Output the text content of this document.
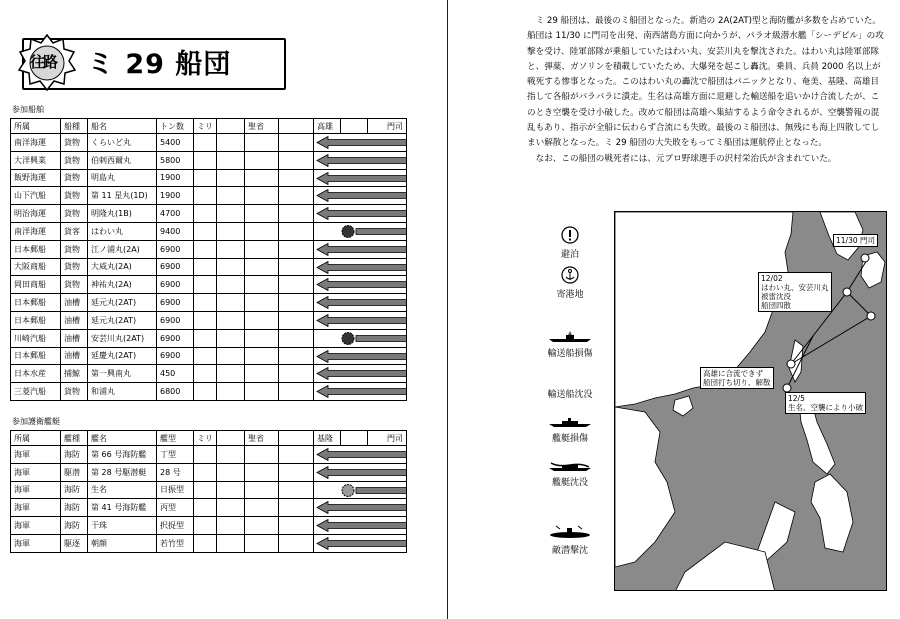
往路 ミ 29 船団
参加船舶
所属	船種	船名	トン数	ミリ		聖省		高雄		門司
南洋海運	貨物	くらいど丸	5400					

大洋興業	貨物	伯剌西爾丸	5800					

飯野海運	貨物	明島丸	1900					

山下汽船	貨物	第 11 星丸(1D)	1900					

明治海運	貨物	明隆丸(1B)	4700					

南洋海運	貨客	はわい丸	9400					

日本郵船	貨物	江ノ浦丸(2A)	6900					

大阪商船	貨物	大威丸(2A)	6900					

岡田商船	貨物	神祐丸(2A)	6900					

日本郵船	油槽	延元丸(2AT)	6900					

日本郵船	油槽	延元丸(2AT)	6900					

川崎汽船	油槽	安芸川丸(2AT)	6900					

日本郵船	油槽	延慶丸(2AT)	6900					

日本水産	捕鯨	第一興南丸	450					

三菱汽船	貨物	和浦丸	6800					
参加護衛艦艇
所属	艦種	艦名	艦型	ミリ		聖省		基隆		門司
海軍	海防	第 66 号海防艦	丁型					

海軍	駆潜	第 28 号駆潜艇	28 号					

海軍	海防	生名	日振型					

海軍	海防	第 41 号海防艦	丙型					

海軍	海防	干珠	択捉型					

海軍	駆逐	朝顔	若竹型					

ミ 29 船団は、最後のミ船団となった。新造の 2A(2AT)型と海防艦が多数を占めていた。船団は 11/30 に門司を出発、南西諸島方面に向かうが、パラオ級潜水艦「シーデビル」の攻撃を受け、陸軍部隊が乗船していたはわい丸、安芸川丸を撃沈された。はわい丸は陸軍部隊と、弾薬、ガソリンを積載していたため、大爆発を起こし轟沈。乗員、兵員 2000 名以上が戦死する惨事となった。このはわい丸の轟沈で船団はパニックとなり、奄美、基隆、高雄目指して各船がバラバラに潰走。生名は高雄方面に退避した輸送船を追いかけ合流したが、このとき空襲を受け小破した。改めて船団は高雄へ集結するよう命令されるが、空襲警報の混乱もあり、指示が全船に伝わらず合流にも失敗。最後のミ船団は、無残にも海上四散してしまい解散となった。ミ 29 船団の大失敗をもってミ船団は運航停止となった。

なお、この船団の戦死者には、元プロ野球選手の沢村栄治氏が含まれていた。

避泊
寄港地
輸送船損傷
輸送船沈没
艦艇損傷
艦艇沈没
敵潜撃沈
11/30 門司
12/02
はわい丸、安芸川丸
被雷沈没
船団四散
高雄に合流できず
船団打ち切り、解散
12/5
生名、空襲により小破
